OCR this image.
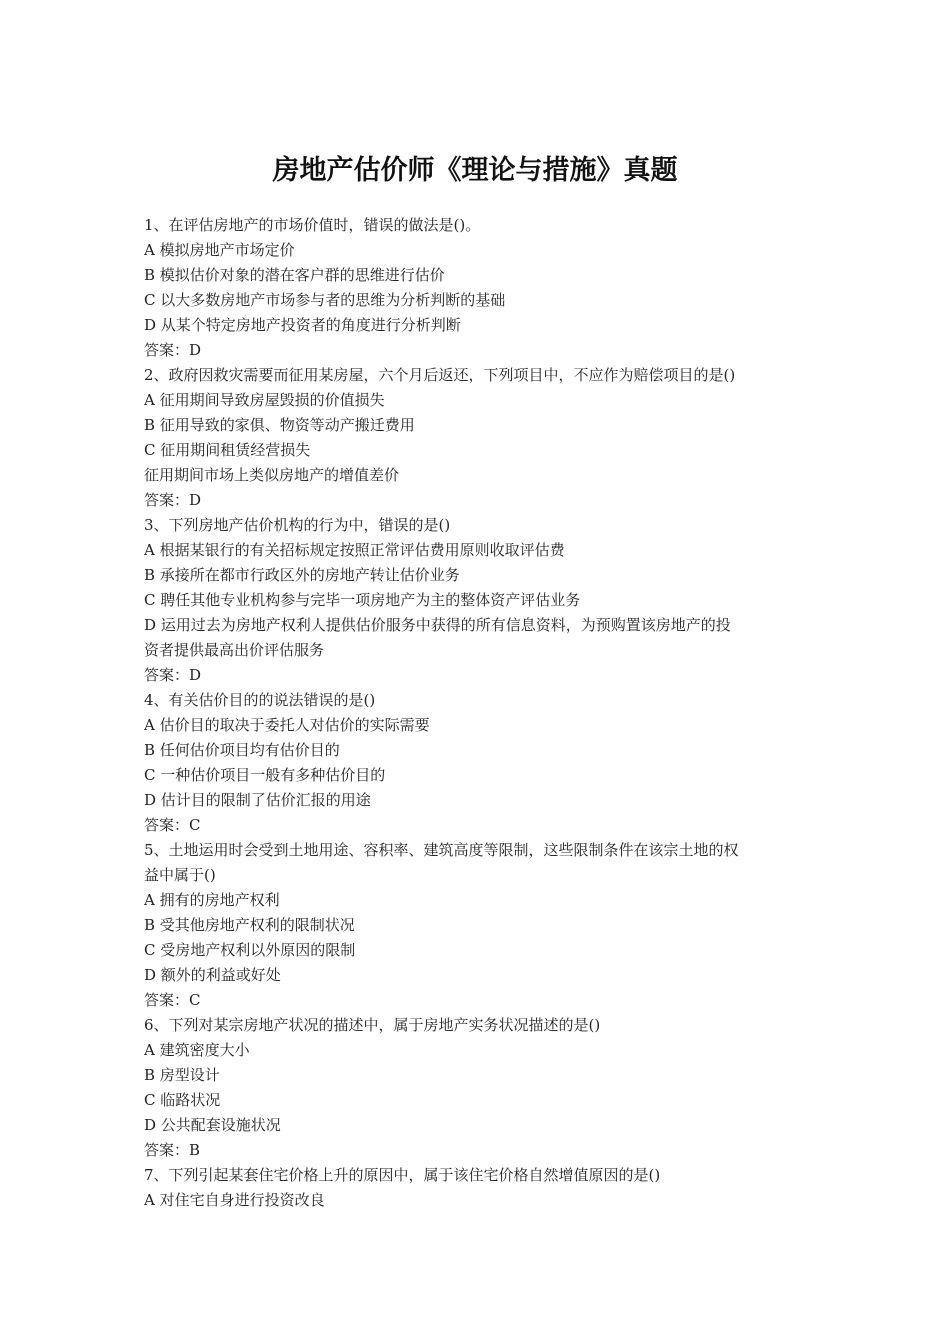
房地产估价师《理论与措施》真题
1、在评估房地产的市场价值时，错误的做法是()。
A 模拟房地产市场定价
B 模拟估价对象的潜在客户群的思维进行估价
C 以大多数房地产市场参与者的思维为分析判断的基础
D 从某个特定房地产投资者的角度进行分析判断
答案：D
2、政府因救灾需要而征用某房屋，六个月后返还，下列项目中，不应作为赔偿项目的是()
A 征用期间导致房屋毁损的价值损失
B 征用导致的家俱、物资等动产搬迁费用
C 征用期间租赁经营损失
征用期间市场上类似房地产的增值差价
答案：D
3、下列房地产估价机构的行为中，错误的是()
A 根据某银行的有关招标规定按照正常评估费用原则收取评估费
B 承接所在都市行政区外的房地产转让估价业务
C 聘任其他专业机构参与完毕一项房地产为主的整体资产评估业务
D 运用过去为房地产权利人提供估价服务中获得的所有信息资料，为预购置该房地产的投
资者提供最高出价评估服务
答案：D
4、有关估价目的的说法错误的是()
A 估价目的取决于委托人对估价的实际需要
B 任何估价项目均有估价目的
C 一种估价项目一般有多种估价目的
D 估计目的限制了估价汇报的用途
答案：C
5、土地运用时会受到土地用途、容积率、建筑高度等限制，这些限制条件在该宗土地的权
益中属于()
A 拥有的房地产权利
B 受其他房地产权利的限制状况
C 受房地产权利以外原因的限制
D 额外的利益或好处
答案：C
6、下列对某宗房地产状况的描述中，属于房地产实务状况描述的是()
A 建筑密度大小
B 房型设计
C 临路状况
D 公共配套设施状况
答案：B
7、下列引起某套住宅价格上升的原因中，属于该住宅价格自然增值原因的是()
A 对住宅自身进行投资改良
